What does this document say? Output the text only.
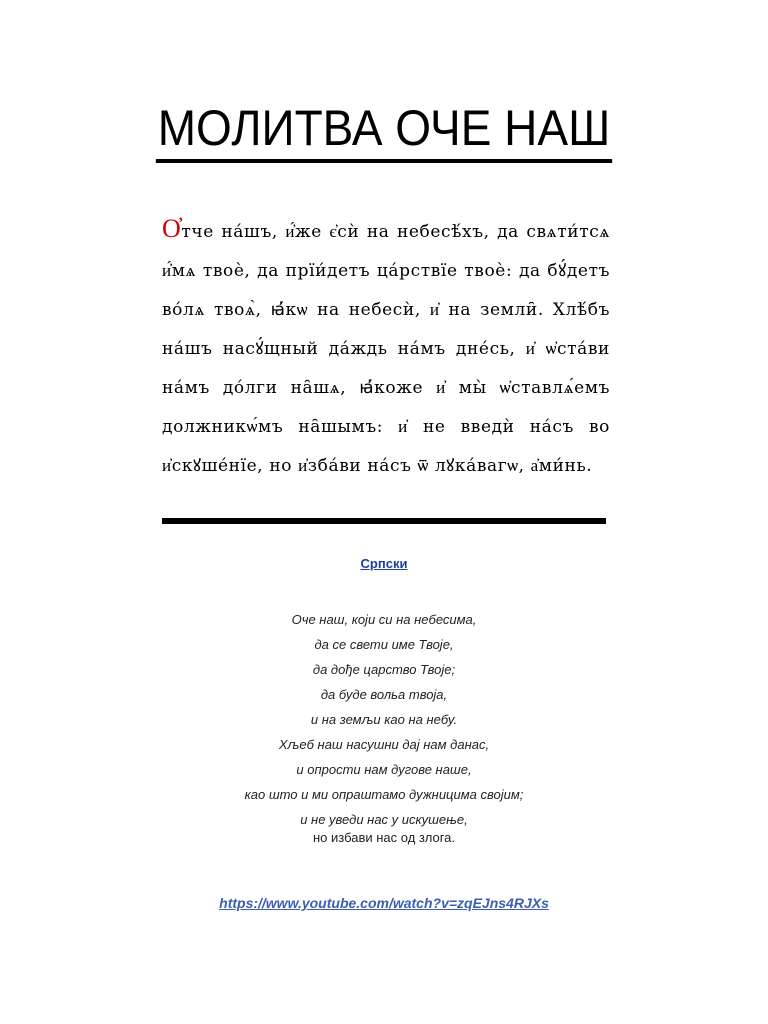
МОЛИТВА ОЧЕ НАШ
О҆тче на́шъ, и҆́же є҆сѝ на небесѣ́хъ, да свѧти́тсѧ
и҆́мѧ твоѐ, да прїи́детъ ца́рствїе твоѐ: да бꙋ́детъ
во́лѧ твоѧ̀, ꙗ҆́кѡ на небесѝ, и҆ на земли̑. Хлѣ́бъ
на́шъ насꙋ́щный да́ждь на́мъ дне́сь, и҆ ѡ҆ста́ви
на́мъ до́лги на̑шѧ, ꙗ҆́коже и҆ мы̀ ѡ҆ставлѧ́емъ
должникѡ́мъ на̑шымъ: и҆ не введѝ на́съ во
и҆скꙋше́нїе, но и҆зба́ви на́съ ѿ лꙋка́вагѡ, а҆ми́нь.
Српски
Оче наш, који си на небесима,
да се свети име Твоје,
да дође царство Твоје;
да буде вольа твоја,
и на земљи као на небу.
Хљеб наш насушни дај нам данас,
и опрости нам дугове наше,
као што и ми опраштамо дужницима својим;
и не уведи нас у искушење,
но избави нас од злога.
https://www.youtube.com/watch?v=zqEJns4RJXs
